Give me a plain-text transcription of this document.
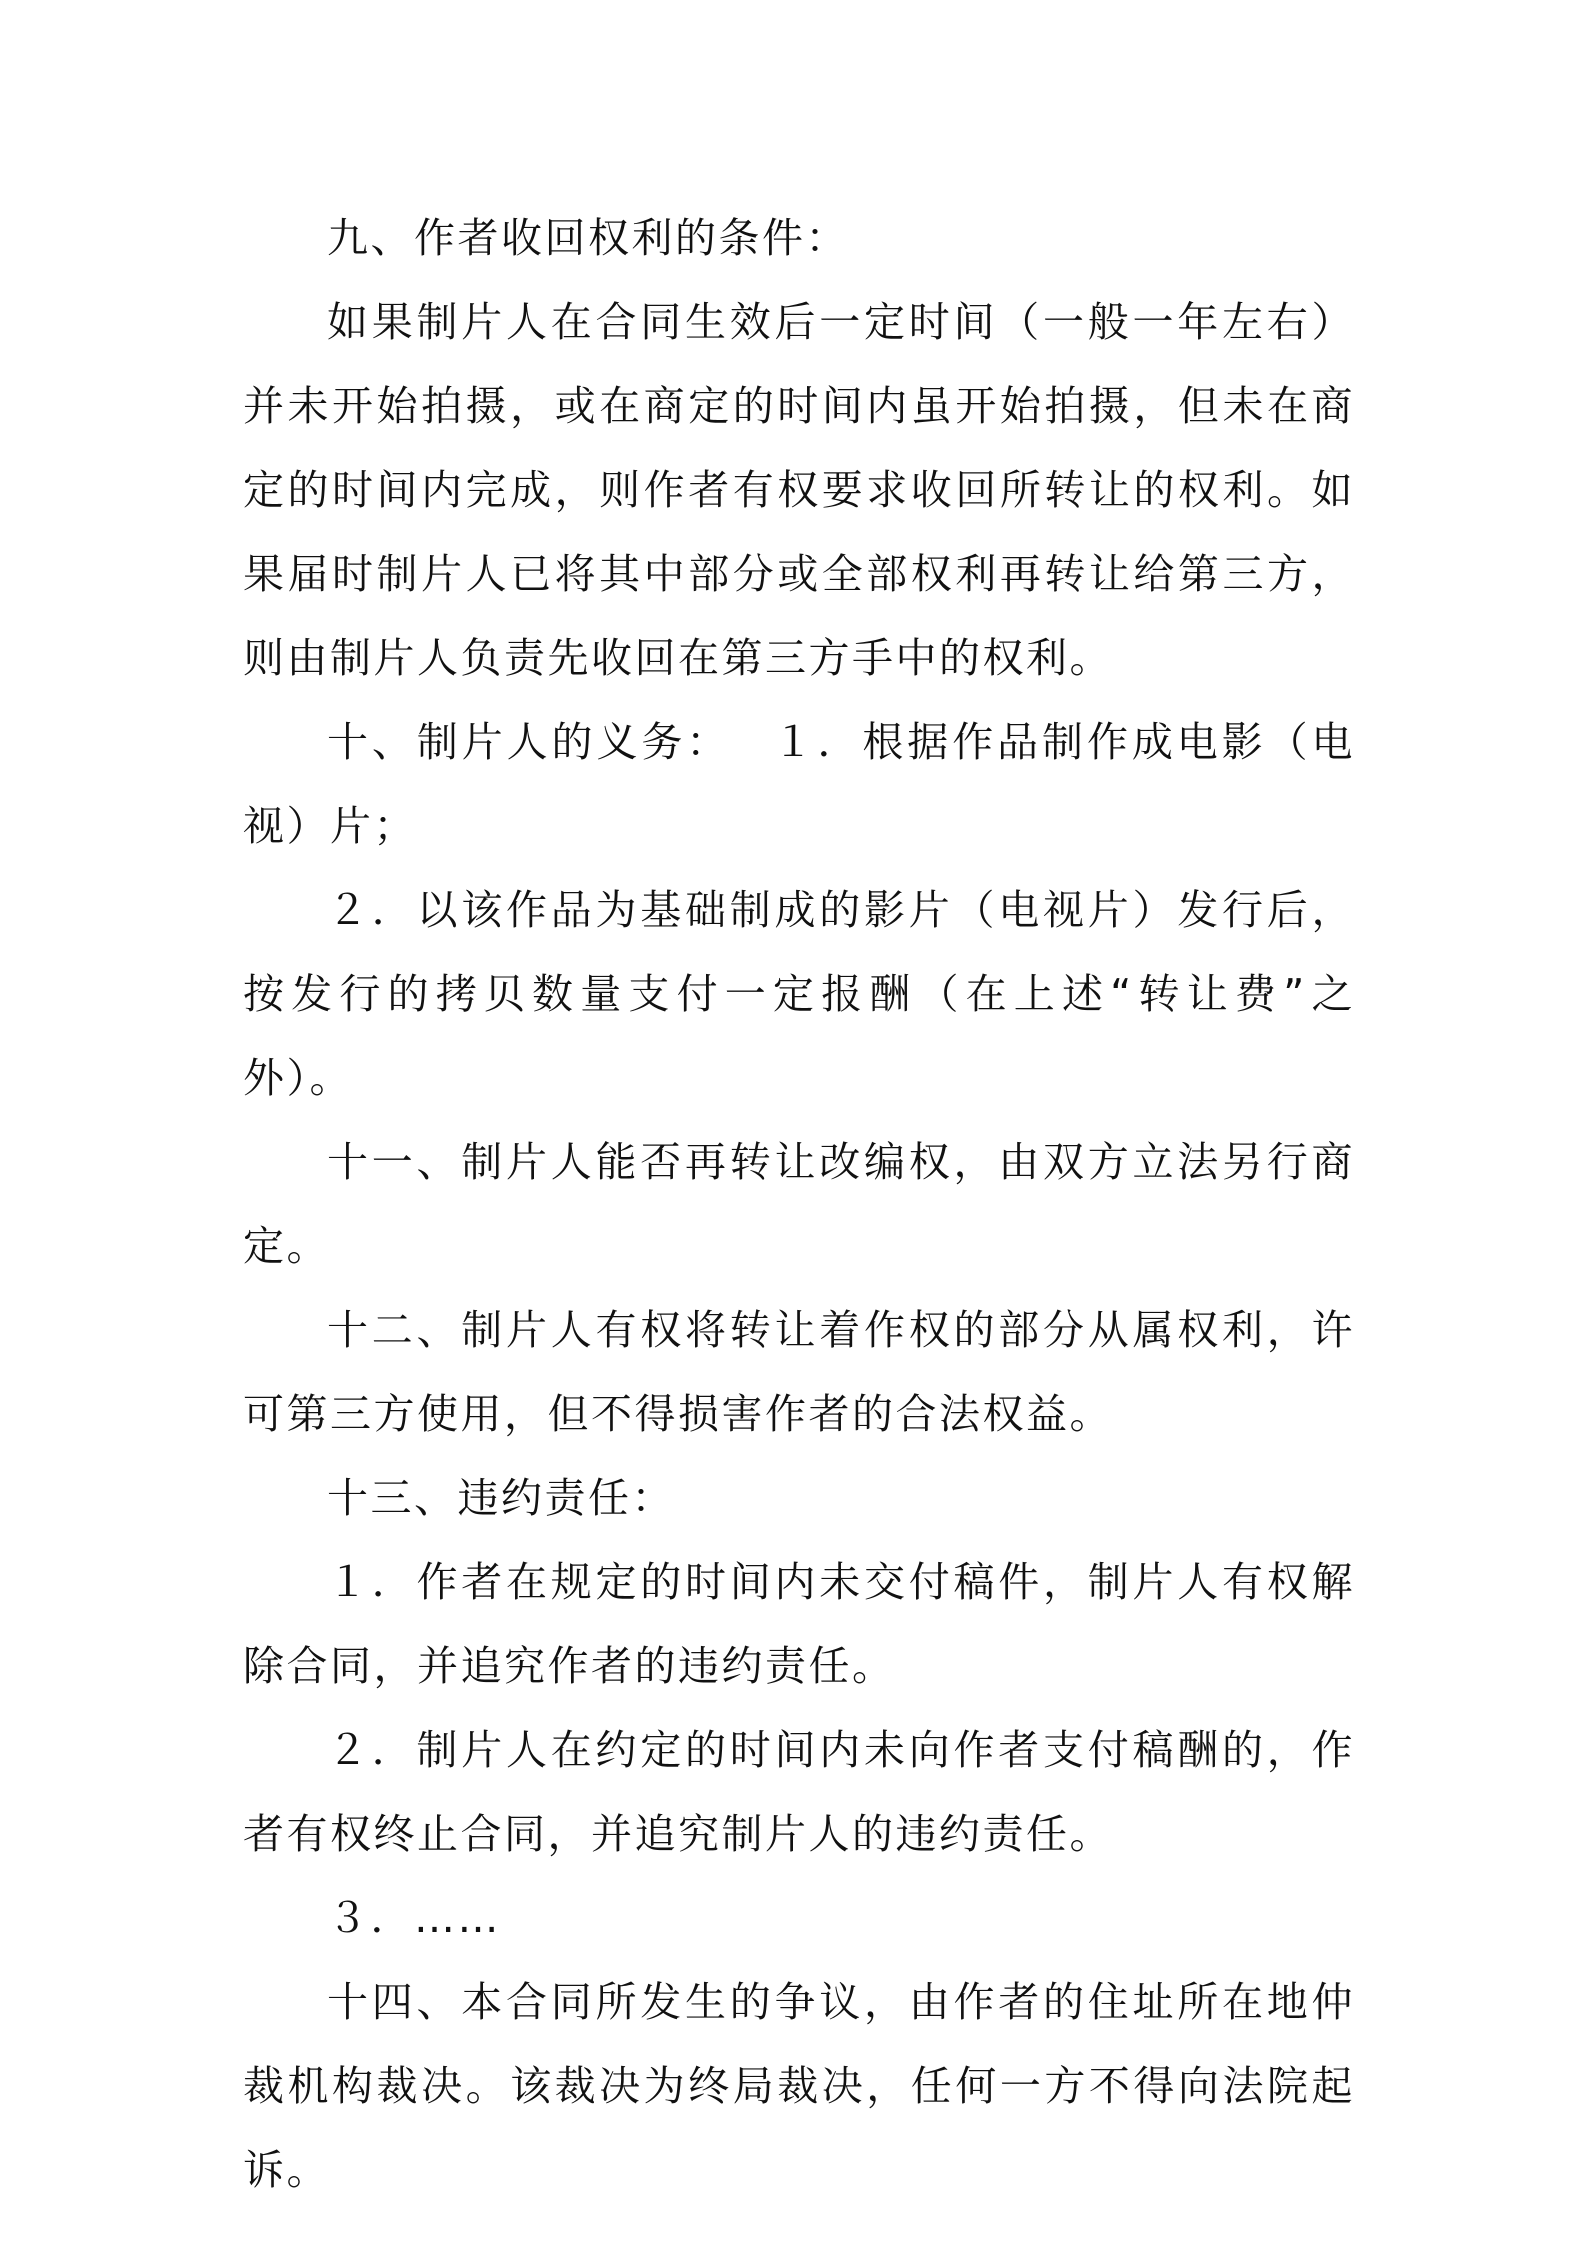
九、作者收回权利的条件：

如果制片人在合同生效后一定时间（一般一年左右）并未开始拍摄，或在商定的时间内虽开始拍摄，但未在商定的时间内完成，则作者有权要求收回所转让的权利。如果届时制片人已将其中部分或全部权利再转让给第三方，则由制片人负责先收回在第三方手中的权利。

十、制片人的义务：　 １．根据作品制作成电影（电视）片；

２．以该作品为基础制成的影片（电视片）发行后，按发行的拷贝数量支付一定报酬（在上述“转让费”之外）。

十一、制片人能否再转让改编权，由双方立法另行商定。

十二、制片人有权将转让着作权的部分从属权利，许可第三方使用，但不得损害作者的合法权益。

十三、违约责任：

１．作者在规定的时间内未交付稿件，制片人有权解除合同，并追究作者的违约责任。

２．制片人在约定的时间内未向作者支付稿酬的，作者有权终止合同，并追究制片人的违约责任。

３．……

十四、本合同所发生的争议，由作者的住址所在地仲裁机构裁决。该裁决为终局裁决，任何一方不得向法院起诉。
